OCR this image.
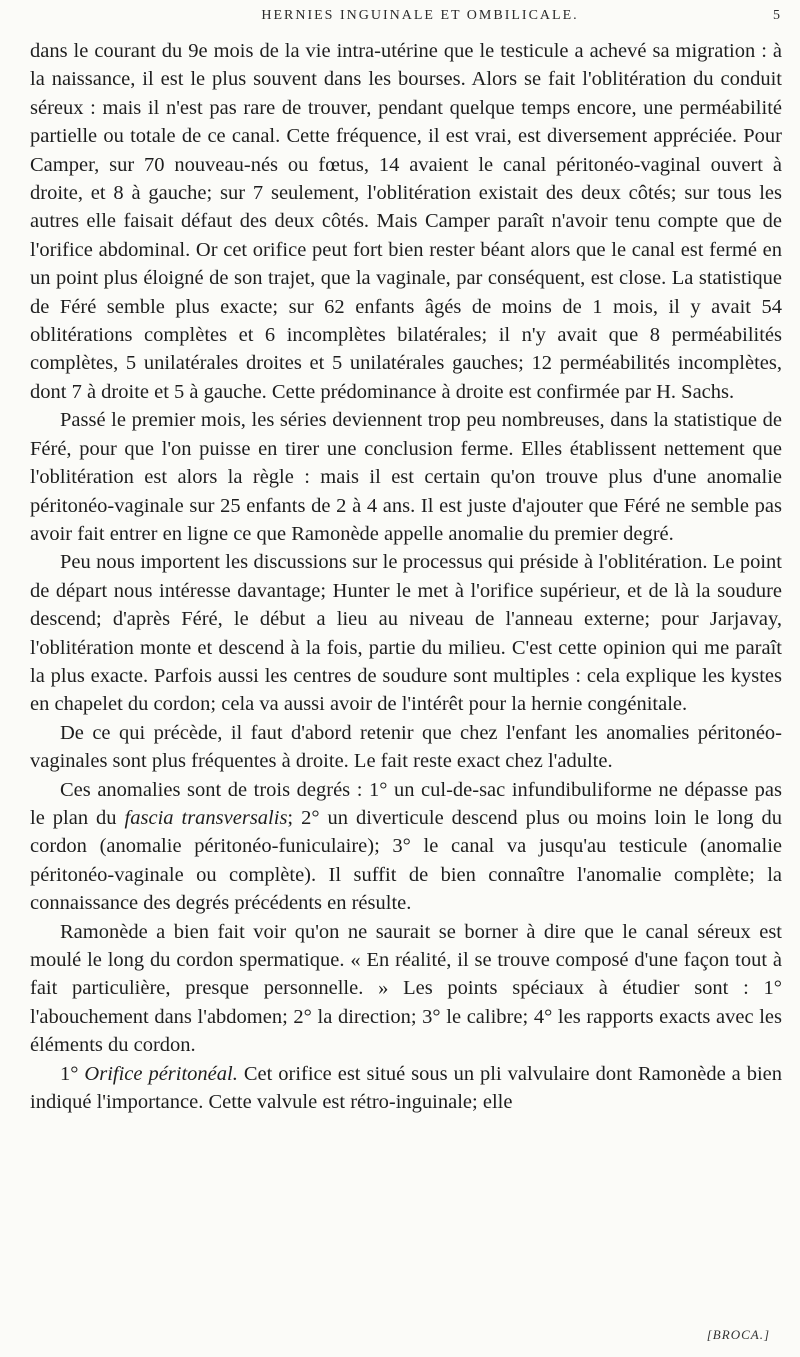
HERNIES INGUINALE ET OMBILICALE.	5

dans le courant du 9e mois de la vie intra-utérine que le testicule a achevé sa migration : à la naissance, il est le plus souvent dans les bourses. Alors se fait l'oblitération du conduit séreux : mais il n'est pas rare de trouver, pendant quelque temps encore, une perméabilité partielle ou totale de ce canal. Cette fréquence, il est vrai, est diversement appréciée. Pour Camper, sur 70 nouveau-nés ou fœtus, 14 avaient le canal péritonéo-vaginal ouvert à droite, et 8 à gauche; sur 7 seulement, l'oblitération existait des deux côtés; sur tous les autres elle faisait défaut des deux côtés. Mais Camper paraît n'avoir tenu compte que de l'orifice abdominal. Or cet orifice peut fort bien rester béant alors que le canal est fermé en un point plus éloigné de son trajet, que la vaginale, par conséquent, est close. La statistique de Féré semble plus exacte; sur 62 enfants âgés de moins de 1 mois, il y avait 54 oblitérations complètes et 6 incomplètes bilatérales; il n'y avait que 8 perméabilités complètes, 5 unilatérales droites et 5 unilatérales gauches; 12 perméabilités incomplètes, dont 7 à droite et 5 à gauche. Cette prédominance à droite est confirmée par H. Sachs.

Passé le premier mois, les séries deviennent trop peu nombreuses, dans la statistique de Féré, pour que l'on puisse en tirer une conclusion ferme. Elles établissent nettement que l'oblitération est alors la règle : mais il est certain qu'on trouve plus d'une anomalie péritonéo-vaginale sur 25 enfants de 2 à 4 ans. Il est juste d'ajouter que Féré ne semble pas avoir fait entrer en ligne ce que Ramonède appelle anomalie du premier degré.

Peu nous importent les discussions sur le processus qui préside à l'oblitération. Le point de départ nous intéresse davantage; Hunter le met à l'orifice supérieur, et de là la soudure descend; d'après Féré, le début a lieu au niveau de l'anneau externe; pour Jarjavay, l'oblitération monte et descend à la fois, partie du milieu. C'est cette opinion qui me paraît la plus exacte. Parfois aussi les centres de soudure sont multiples : cela explique les kystes en chapelet du cordon; cela va aussi avoir de l'intérêt pour la hernie congénitale.

De ce qui précède, il faut d'abord retenir que chez l'enfant les anomalies péritonéo-vaginales sont plus fréquentes à droite. Le fait reste exact chez l'adulte.

Ces anomalies sont de trois degrés : 1° un cul-de-sac infundibuliforme ne dépasse pas le plan du fascia transversalis; 2° un diverticule descend plus ou moins loin le long du cordon (anomalie péritonéo-funiculaire); 3° le canal va jusqu'au testicule (anomalie péritonéo-vaginale ou complète). Il suffit de bien connaître l'anomalie complète; la connaissance des degrés précédents en résulte.

Ramonède a bien fait voir qu'on ne saurait se borner à dire que le canal séreux est moulé le long du cordon spermatique. « En réalité, il se trouve composé d'une façon tout à fait particulière, presque personnelle. » Les points spéciaux à étudier sont : 1° l'abouchement dans l'abdomen; 2° la direction; 3° le calibre; 4° les rapports exacts avec les éléments du cordon.

1° Orifice péritonéal. Cet orifice est situé sous un pli valvulaire dont Ramonède a bien indiqué l'importance. Cette valvule est rétro-inguinale; elle

[BROCA.]
